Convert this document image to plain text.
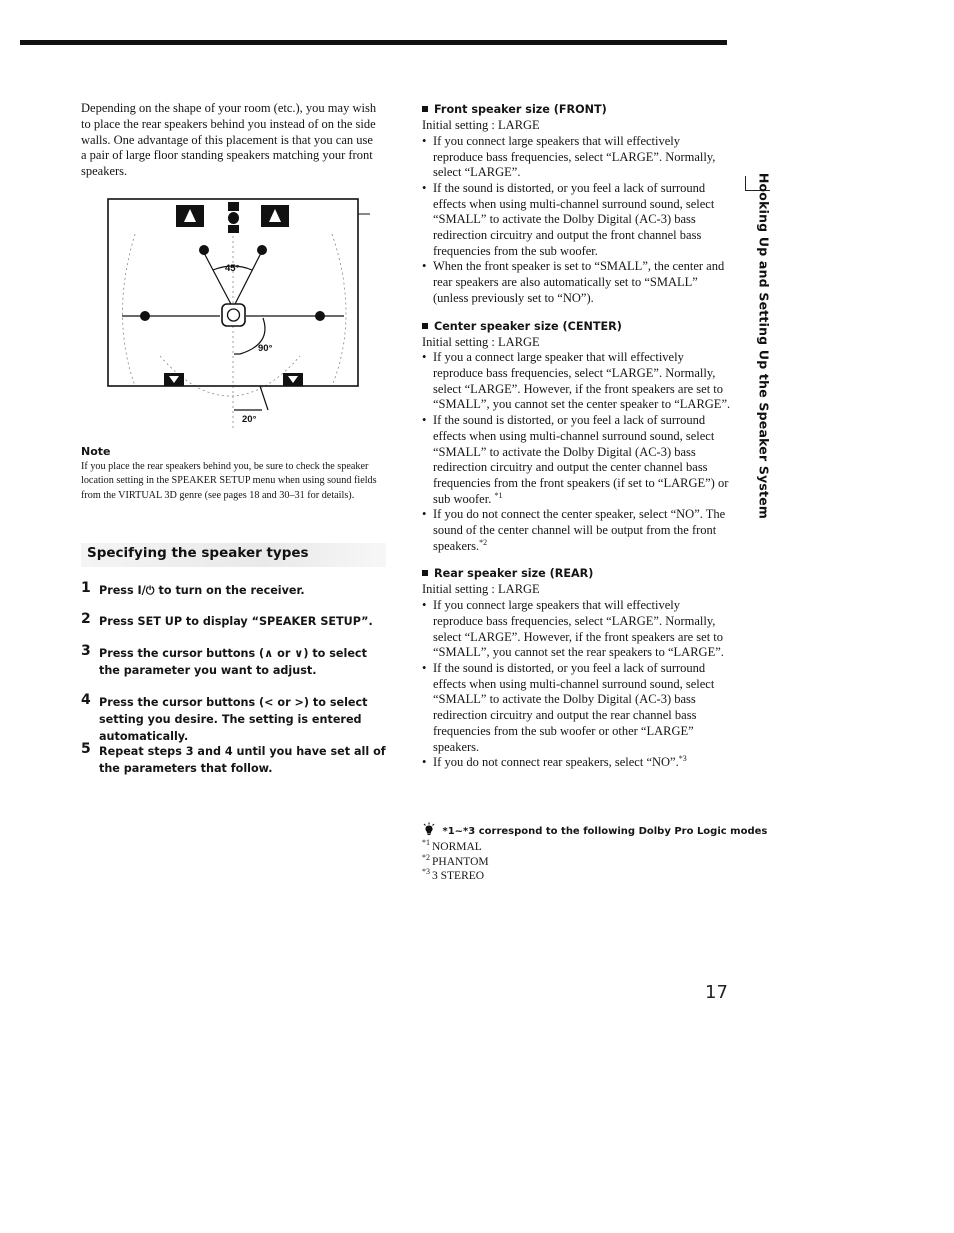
Hooking Up and Setting Up the Speaker System

Depending on the shape of your room (etc.), you may wish to place the rear speakers behind you instead of on the side walls. One advantage of this placement is that you can use a pair of large floor standing speakers matching your front speakers.

45°
90°
20°
Note

If you place the rear speakers behind you, be sure to check the speaker location setting in the SPEAKER SETUP menu when using sound fields from the VIRTUAL 3D genre (see pages 18 and 30–31 for details).

Specifying the speaker types
1 Press I/⏻ to turn on the receiver.
2 Press SET UP to display “SPEAKER SETUP”.
3 Press the cursor buttons (∧ or ∨) to select the parameter you want to adjust.
4 Press the cursor buttons (< or >) to select setting you desire. The setting is entered automatically.
5 Repeat steps 3 and 4 until you have set all of the parameters that follow.
Front speaker size (FRONT)
Initial setting : LARGE
• If you connect large speakers that will effectively reproduce bass frequencies, select “LARGE”. Normally, select “LARGE”.
• If the sound is distorted, or you feel a lack of surround effects when using multi-channel surround sound, select “SMALL” to activate the Dolby Digital (AC-3) bass redirection circuitry and output the front channel bass frequencies from the sub woofer.
• When the front speaker is set to “SMALL”, the center and rear speakers are also automatically set to “SMALL” (unless previously set to “NO”).
Center speaker size (CENTER)
Initial setting : LARGE
• If you a connect large speaker that will effectively reproduce bass frequencies, select “LARGE”. Normally, select “LARGE”. However, if the front speakers are set to “SMALL”, you cannot set the center speaker to “LARGE”.
• If the sound is distorted, or you feel a lack of surround effects when using multi-channel surround sound, select “SMALL” to activate the Dolby Digital (AC-3) bass redirection circuitry and output the center channel bass frequencies from the front speakers (if set to “LARGE”) or sub woofer. $^{*1}$
• If you do not connect the center speaker, select “NO”. The sound of the center channel will be output from the front speakers.$^{*2}$
Rear speaker size (REAR)
Initial setting : LARGE
• If you connect large speakers that will effectively reproduce bass frequencies, select “LARGE”. Normally, select “LARGE”. However, if the front speakers are set to “SMALL”, you cannot set the rear speakers to “LARGE”.
• If the sound is distorted, or you feel a lack of surround effects when using multi-channel surround sound, select “SMALL” to activate the Dolby Digital (AC-3) bass redirection circuitry and output the rear channel bass frequencies from the sub woofer or other “LARGE” speakers.
• If you do not connect rear speakers, select “NO”.$^{*3}$
*1~*3 correspond to the following Dolby Pro Logic modes
$^{*1}$ NORMAL
$^{*2}$ PHANTOM
$^{*3}$ 3 STEREO
17
